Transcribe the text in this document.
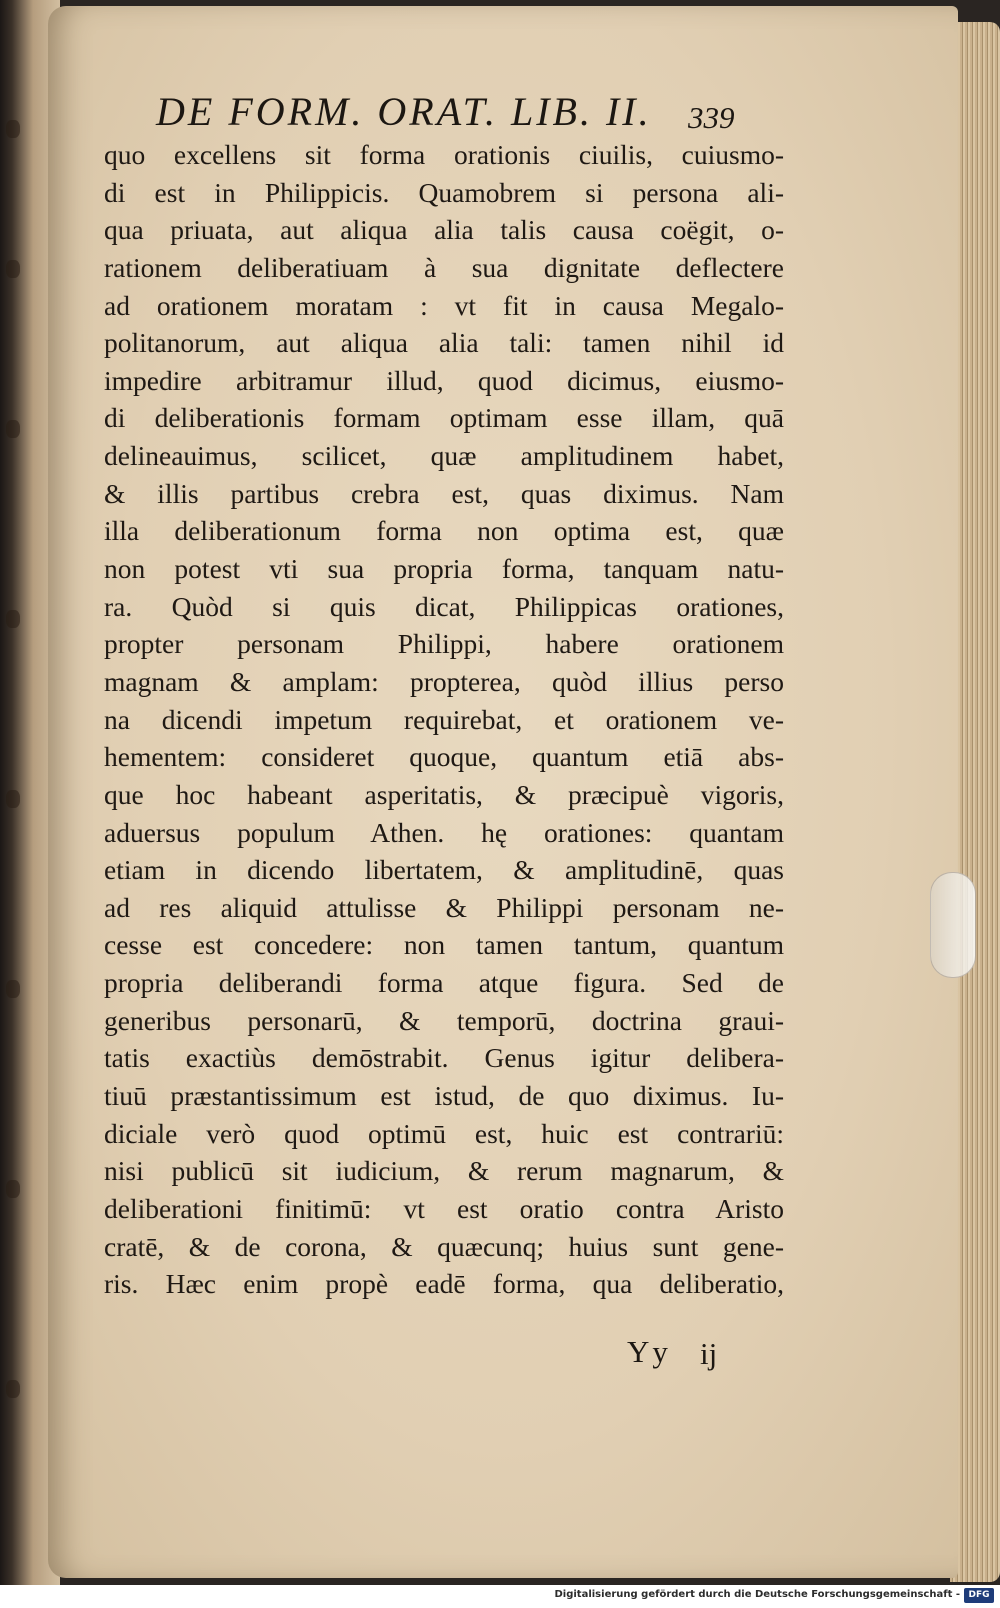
DE FORM. ORAT. LIB. II.	339
quo excellens sit forma orationis ciuilis, cuiusmo-
di est in Philippicis. Quamobrem si persona ali-
qua priuata, aut aliqua alia talis causa coëgit, o-
rationem deliberatiuam à sua dignitate deflectere
ad orationem moratam : vt fit in causa Megalo-
politanorum, aut aliqua alia tali: tamen nihil id
impedire arbitramur illud, quod dicimus, eiusmo-
di deliberationis formam optimam esse illam, quā
delineauimus, scilicet, quæ amplitudinem habet,
& illis partibus crebra est, quas diximus. Nam
illa deliberationum forma non optima est, quæ
non potest vti sua propria forma, tanquam natu-
ra. Quòd si quis dicat, Philippicas orationes,
propter personam Philippi, habere orationem
magnam & amplam: propterea, quòd illius perso
na dicendi impetum requirebat, et orationem ve-
hementem: consideret quoque, quantum etiā abs-
que hoc habeant asperitatis, & præcipuè vigoris,
aduersus populum Athen. hę orationes: quantam
etiam in dicendo libertatem, & amplitudinē, quas
ad res aliquid attulisse & Philippi personam ne-
cesse est concedere: non tamen tantum, quantum
propria deliberandi forma atque figura. Sed de
generibus personarū, & temporū, doctrina graui-
tatis exactiùs demōstrabit. Genus igitur delibera-
tiuū præstantissimum est istud, de quo diximus. Iu-
diciale verò quod optimū est, huic est contrariū:
nisi publicū sit iudicium, & rerum magnarum, &
deliberationi finitimū: vt est oratio contra Aristo
cratē, & de corona, & quæcunq; huius sunt gene-
ris. Hæc enim propè eadē forma, qua deliberatio,
Yy ij
Digitalisierung gefördert durch die Deutsche Forschungsgemeinschaft - DFG
